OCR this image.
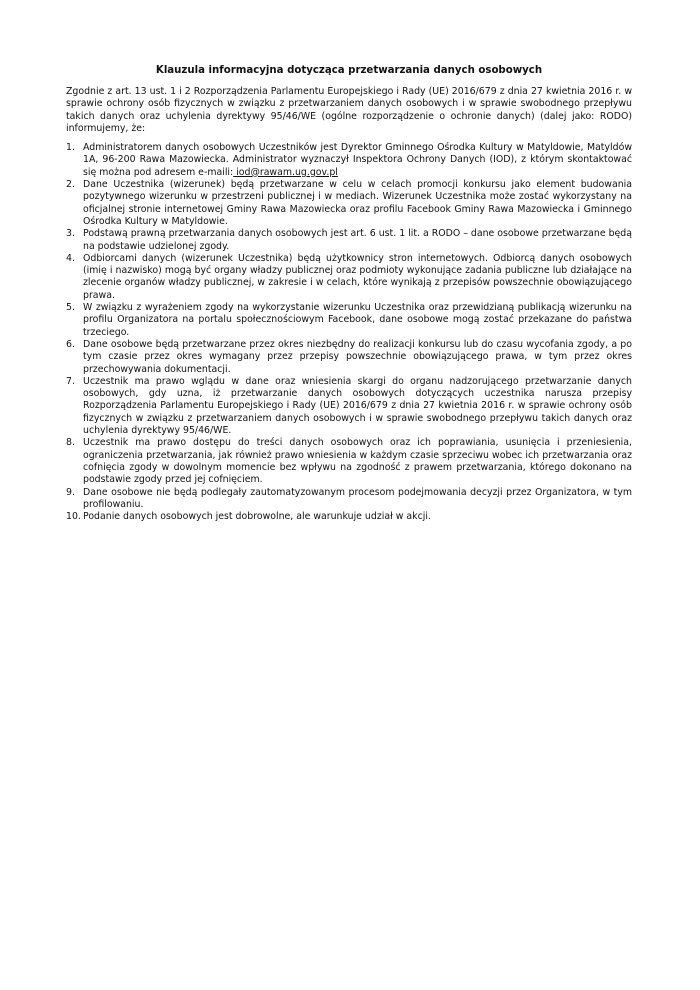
Klauzula informacyjna dotycząca przetwarzania danych osobowych

Zgodnie z art. 13 ust. 1 i 2 Rozporządzenia Parlamentu Europejskiego i Rady (UE) 2016/679 z dnia 27 kwietnia 2016 r. w sprawie ochrony osób fizycznych w związku z przetwarzaniem danych osobowych i w sprawie swobodnego przepływu takich danych oraz uchylenia dyrektywy 95/46/WE (ogólne rozporządzenie o ochronie danych) (dalej jako: RODO) informujemy, że:

1. Administratorem danych osobowych Uczestników jest Dyrektor Gminnego Ośrodka Kultury w Matyldowie, Matyldów 1A, 96-200 Rawa Mazowiecka. Administrator wyznaczył Inspektora Ochrony Danych (IOD), z którym skontaktować się można pod adresem e-maili: iod@rawam.ug.gov.pl
2. Dane Uczestnika (wizerunek) będą przetwarzane w celu w celach promocji konkursu jako element budowania pozytywnego wizerunku w przestrzeni publicznej i w mediach. Wizerunek Uczestnika może zostać wykorzystany na oficjalnej stronie internetowej Gminy Rawa Mazowiecka oraz profilu Facebook Gminy Rawa Mazowiecka i Gminnego Ośrodka Kultury w Matyldowie.
3. Podstawą prawną przetwarzania danych osobowych jest art. 6 ust. 1 lit. a RODO – dane osobowe przetwarzane będą na podstawie udzielonej zgody.
4. Odbiorcami danych (wizerunek Uczestnika) będą użytkownicy stron internetowych. Odbiorcą danych osobowych (imię i nazwisko) mogą być organy władzy publicznej oraz podmioty wykonujące zadania publiczne lub działające na zlecenie organów władzy publicznej, w zakresie i w celach, które wynikają z przepisów powszechnie obowiązującego prawa.
5. W związku z wyrażeniem zgody na wykorzystanie wizerunku Uczestnika oraz przewidzianą publikacją wizerunku na profilu Organizatora na portalu społecznościowym Facebook, dane osobowe mogą zostać przekazane do państwa trzeciego.
6. Dane osobowe będą przetwarzane przez okres niezbędny do realizacji konkursu lub do czasu wycofania zgody, a po tym czasie przez okres wymagany przez przepisy powszechnie obowiązującego prawa, w tym przez okres przechowywania dokumentacji.
7. Uczestnik ma prawo wglądu w dane oraz wniesienia skargi do organu nadzorującego przetwarzanie danych osobowych, gdy uzna, iż przetwarzanie danych osobowych dotyczących uczestnika narusza przepisy Rozporządzenia Parlamentu Europejskiego i Rady (UE) 2016/679 z dnia 27 kwietnia 2016 r. w sprawie ochrony osób fizycznych w związku z przetwarzaniem danych osobowych i w sprawie swobodnego przepływu takich danych oraz uchylenia dyrektywy 95/46/WE.
8. Uczestnik ma prawo dostępu do treści danych osobowych oraz ich poprawiania, usunięcia i przeniesienia, ograniczenia przetwarzania, jak również prawo wniesienia w każdym czasie sprzeciwu wobec ich przetwarzania oraz cofnięcia zgody w dowolnym momencie bez wpływu na zgodność z prawem przetwarzania, którego dokonano na podstawie zgody przed jej cofnięciem.
9. Dane osobowe nie będą podlegały zautomatyzowanym procesom podejmowania decyzji przez Organizatora, w tym profilowaniu.
10. Podanie danych osobowych jest dobrowolne, ale warunkuje udział w akcji.
